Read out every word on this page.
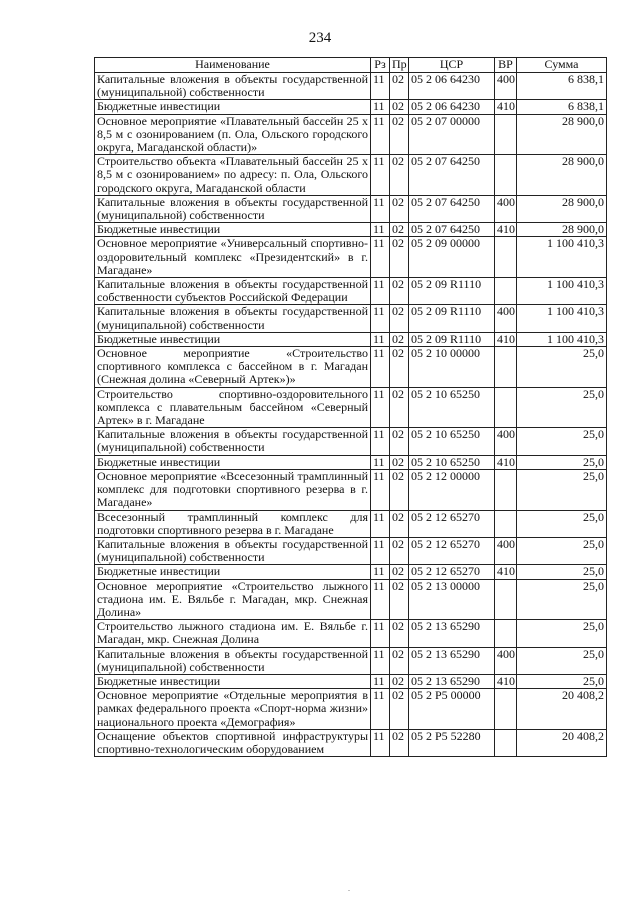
234
Наименование	Рз	Пр	ЦСР	ВР	Сумма
Капитальные вложения в объекты государственной (муниципальной) собственности	11	02	05 2 06 64230	400	6 838,1
Бюджетные инвестиции	11	02	05 2 06 64230	410	6 838,1
Основное мероприятие «Плавательный бассейн 25 х 8,5 м с озонированием (п. Ола, Ольского городского округа, Магаданской области)»	11	02	05 2 07 00000		28 900,0
Строительство объекта «Плавательный бассейн 25 х 8,5 м с озонированием» по адресу: п. Ола, Ольского городского округа, Магаданской области	11	02	05 2 07 64250		28 900,0
Капитальные вложения в объекты государственной (муниципальной) собственности	11	02	05 2 07 64250	400	28 900,0
Бюджетные инвестиции	11	02	05 2 07 64250	410	28 900,0
Основное мероприятие «Универсальный спортивно-оздоровительный комплекс «Президентский» в г. Магадане»	11	02	05 2 09 00000		1 100 410,3
Капитальные вложения в объекты государственной собственности субъектов Российской Федерации	11	02	05 2 09 R1110		1 100 410,3
Капитальные вложения в объекты государственной (муниципальной) собственности	11	02	05 2 09 R1110	400	1 100 410,3
Бюджетные инвестиции	11	02	05 2 09 R1110	410	1 100 410,3
Основное мероприятие «Строительство спортивного комплекса с бассейном в г. Магадан (Снежная долина «Северный Артек»)»	11	02	05 2 10 00000		25,0
Строительство спортивно-оздоровительного комплекса с плавательным бассейном «Северный Артек» в г. Магадане	11	02	05 2 10 65250		25,0
Капитальные вложения в объекты государственной (муниципальной) собственности	11	02	05 2 10 65250	400	25,0
Бюджетные инвестиции	11	02	05 2 10 65250	410	25,0
Основное мероприятие «Всесезонный трамплинный комплекс для подготовки спортивного резерва в г. Магадане»	11	02	05 2 12 00000		25,0
Всесезонный трамплинный комплекс для подготовки спортивного резерва в г. Магадане	11	02	05 2 12 65270		25,0
Капитальные вложения в объекты государственной (муниципальной) собственности	11	02	05 2 12 65270	400	25,0
Бюджетные инвестиции	11	02	05 2 12 65270	410	25,0
Основное мероприятие «Строительство лыжного стадиона им. Е. Вяльбе г. Магадан, мкр. Снежная Долина»	11	02	05 2 13 00000		25,0
Строительство лыжного стадиона им. Е. Вяльбе г. Магадан, мкр. Снежная Долина	11	02	05 2 13 65290		25,0
Капитальные вложения в объекты государственной (муниципальной) собственности	11	02	05 2 13 65290	400	25,0
Бюджетные инвестиции	11	02	05 2 13 65290	410	25,0
Основное мероприятие «Отдельные мероприятия в рамках федерального проекта «Спорт-норма жизни» национального проекта «Демография»	11	02	05 2 P5 00000		20 408,2
Оснащение объектов спортивной инфраструктуры спортивно-технологическим оборудованием	11	02	05 2 P5 52280		20 408,2
.
